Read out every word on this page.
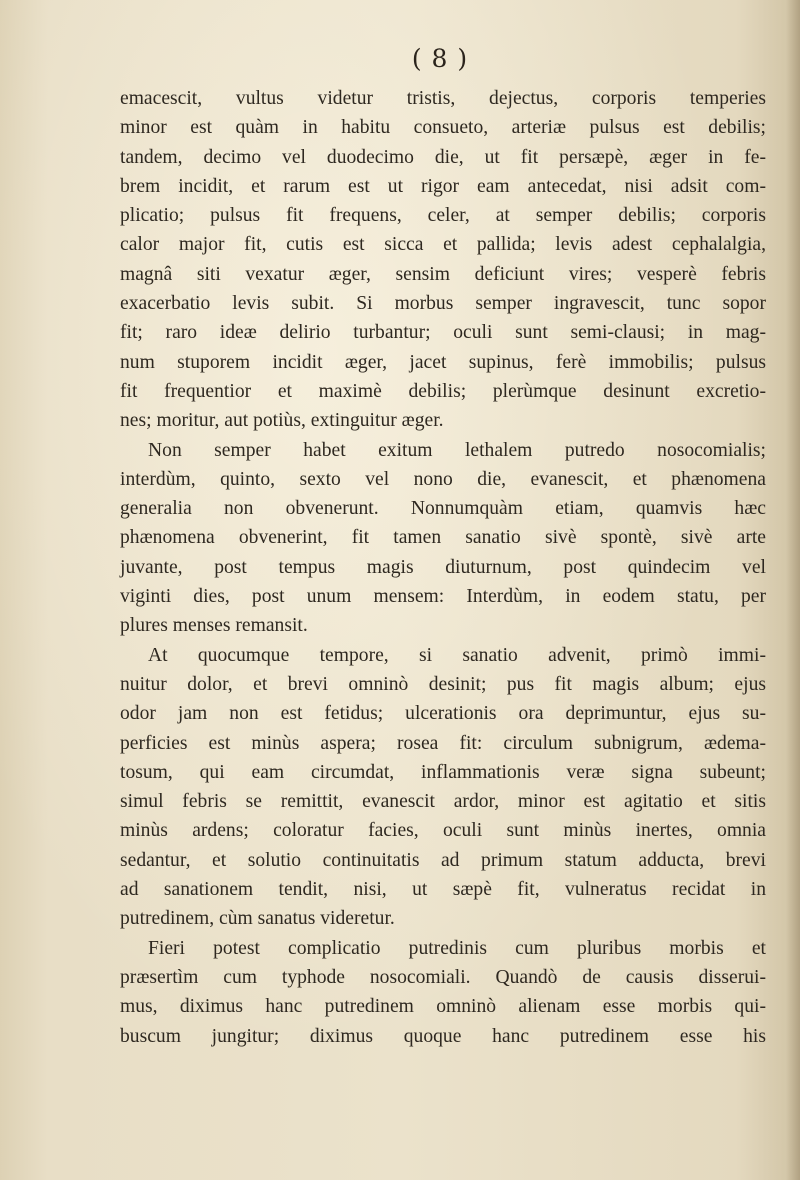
( 8 )
emacescit, vultus videtur tristis, dejectus, corporis temperies
minor est quàm in habitu consueto, arteriæ pulsus est debilis;
tandem, decimo vel duodecimo die, ut fit persæpè, æger in fe-
brem incidit, et rarum est ut rigor eam antecedat, nisi adsit com-
plicatio; pulsus fit frequens, celer, at semper debilis; corporis
calor major fit, cutis est sicca et pallida; levis adest cephalalgia,
magnâ siti vexatur æger, sensim deficiunt vires; vesperè febris
exacerbatio levis subit. Si morbus semper ingravescit, tunc sopor
fit; raro ideæ delirio turbantur; oculi sunt semi-clausi; in mag-
num stuporem incidit æger, jacet supinus, ferè immobilis; pulsus
fit frequentior et maximè debilis; plerùmque desinunt excretio-
nes; moritur, aut potiùs, extinguitur æger.
Non semper habet exitum lethalem putredo nosocomialis;
interdùm, quinto, sexto vel nono die, evanescit, et phænomena
generalia non obvenerunt. Nonnumquàm etiam, quamvis hæc
phænomena obvenerint, fit tamen sanatio sivè spontè, sivè arte
juvante, post tempus magis diuturnum, post quindecim vel
viginti dies, post unum mensem: Interdùm, in eodem statu, per
plures menses remansit.
At quocumque tempore, si sanatio advenit, primò immi-
nuitur dolor, et brevi omninò desinit; pus fit magis album; ejus
odor jam non est fetidus; ulcerationis ora deprimuntur, ejus su-
perficies est minùs aspera; rosea fit: circulum subnigrum, ædema-
tosum, qui eam circumdat, inflammationis veræ signa subeunt;
simul febris se remittit, evanescit ardor, minor est agitatio et sitis
minùs ardens; coloratur facies, oculi sunt minùs inertes, omnia
sedantur, et solutio continuitatis ad primum statum adducta, brevi
ad sanationem tendit, nisi, ut sæpè fit, vulneratus recidat in
putredinem, cùm sanatus videretur.
Fieri potest complicatio putredinis cum pluribus morbis et
præsertìm cum typhode nosocomiali. Quandò de causis disserui-
mus, diximus hanc putredinem omninò alienam esse morbis qui-
buscum jungitur; diximus quoque hanc putredinem esse his
